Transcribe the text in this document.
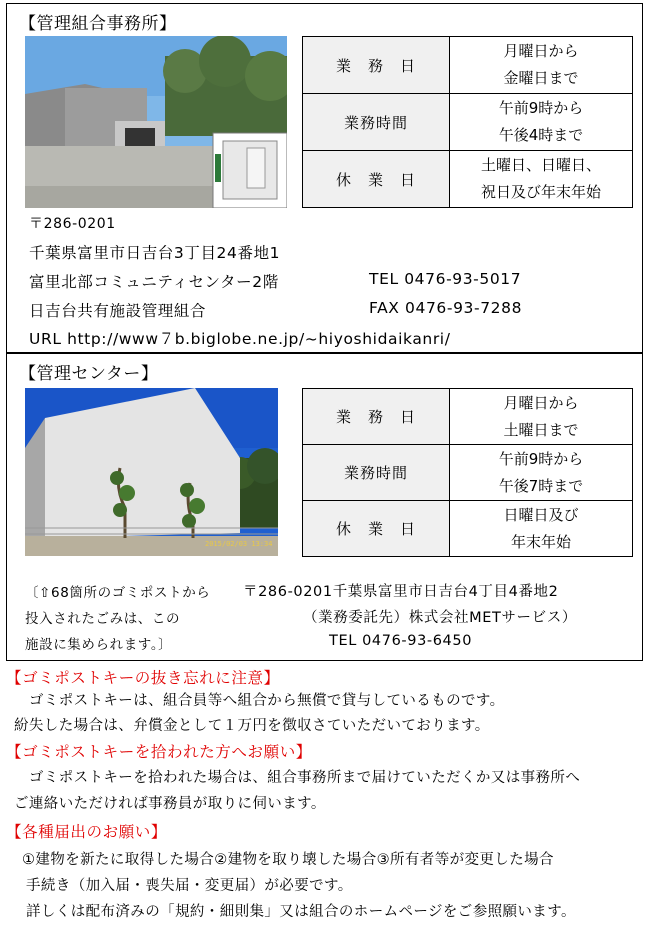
【管理組合事務所】
業　務　日	月曜日から
金曜日まで

業務時間	午前9時から
午後4時まで

休　業　日	土曜日、日曜日、
祝日及び年末年始
〒286-0201
千葉県富里市日吉台3丁目24番地1
富里北部コミュニティセンター2階	TEL 0476-93-5017
日吉台共有施設管理組合	FAX 0476-93-7288
URL http://www７b.biglobe.ne.jp/~hiyoshidaikanri/
【管理センター】
2015/02/03 13:34
業　務　日	月曜日から
土曜日まで

業務時間	午前9時から
午後7時まで

休　業　日	日曜日及び
年末年始
〔⇧68箇所のゴミポストから
投入されたごみは、この
施設に集められます。〕
〒286-0201千葉県富里市日吉台4丁目4番地2
（業務委託先）株式会社METサービス）
TEL 0476-93-6450
【ゴミポストキーの抜き忘れに注意】
　ゴミポストキーは、組合員等へ組合から無償で貸与しているものです。
紛失した場合は、弁償金として１万円を徴収さていただいております。
【ゴミポストキーを拾われた方へお願い】
　ゴミポストキーを拾われた場合は、組合事務所まで届けていただくか又は事務所へ
ご連絡いただければ事務員が取りに伺います。
【各種届出のお願い】
①建物を新たに取得した場合②建物を取り壊した場合③所有者等が変更した場合
手続き（加入届・喪失届・変更届）が必要です。
詳しくは配布済みの「規約・細則集」又は組合のホームページをご参照願います。
